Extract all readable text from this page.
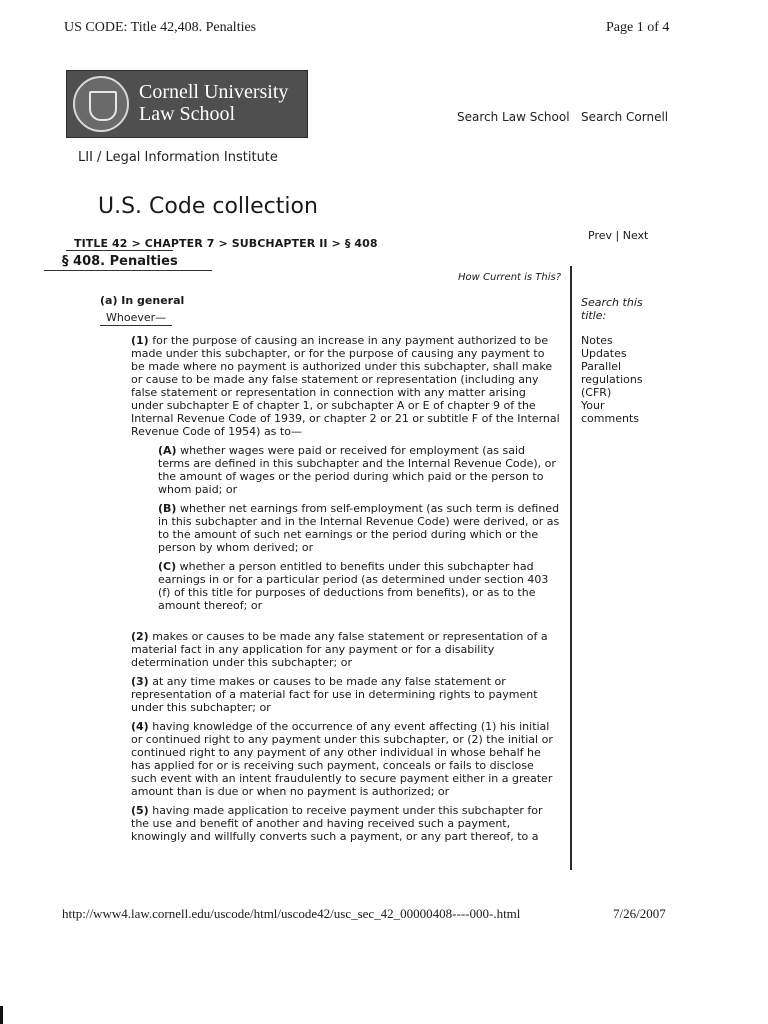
US CODE: Title 42,408. Penalties	Page 1 of 4
Cornell University
Law School	Search Law School Search Cornell
LII / Legal Information Institute
U.S. Code collection
TITLE 42 > CHAPTER 7 > SUBCHAPTER II > § 408
§ 408. Penalties
Prev | Next
How Current is This?
Search this title:
Notes
Updates
Parallel regulations (CFR)
Your comments
(a) In general
Whoever—

(1) for the purpose of causing an increase in any payment authorized to be made under this subchapter, or for the purpose of causing any payment to be made where no payment is authorized under this subchapter, shall make or cause to be made any false statement or representation (including any false statement or representation in connection with any matter arising under subchapter E of chapter 1, or subchapter A or E of chapter 9 of the Internal Revenue Code of 1939, or chapter 2 or 21 or subtitle F of the Internal Revenue Code of 1954) as to—

(A) whether wages were paid or received for employment (as said terms are defined in this subchapter and the Internal Revenue Code), or the amount of wages or the period during which paid or the person to whom paid; or

(B) whether net earnings from self-employment (as such term is defined in this subchapter and in the Internal Revenue Code) were derived, or as to the amount of such net earnings or the period during which or the person by whom derived; or

(C) whether a person entitled to benefits under this subchapter had earnings in or for a particular period (as determined under section 403 (f) of this title for purposes of deductions from benefits), or as to the amount thereof; or

(2) makes or causes to be made any false statement or representation of a material fact in any application for any payment or for a disability determination under this subchapter; or

(3) at any time makes or causes to be made any false statement or representation of a material fact for use in determining rights to payment under this subchapter; or

(4) having knowledge of the occurrence of any event affecting (1) his initial or continued right to any payment under this subchapter, or (2) the initial or continued right to any payment of any other individual in whose behalf he has applied for or is receiving such payment, conceals or fails to disclose such event with an intent fraudulently to secure payment either in a greater amount than is due or when no payment is authorized; or

(5) having made application to receive payment under this subchapter for the use and benefit of another and having received such a payment, knowingly and willfully converts such a payment, or any part thereof, to a

http://www4.law.cornell.edu/uscode/html/uscode42/usc_sec_42_00000408----000-.html	7/26/2007
